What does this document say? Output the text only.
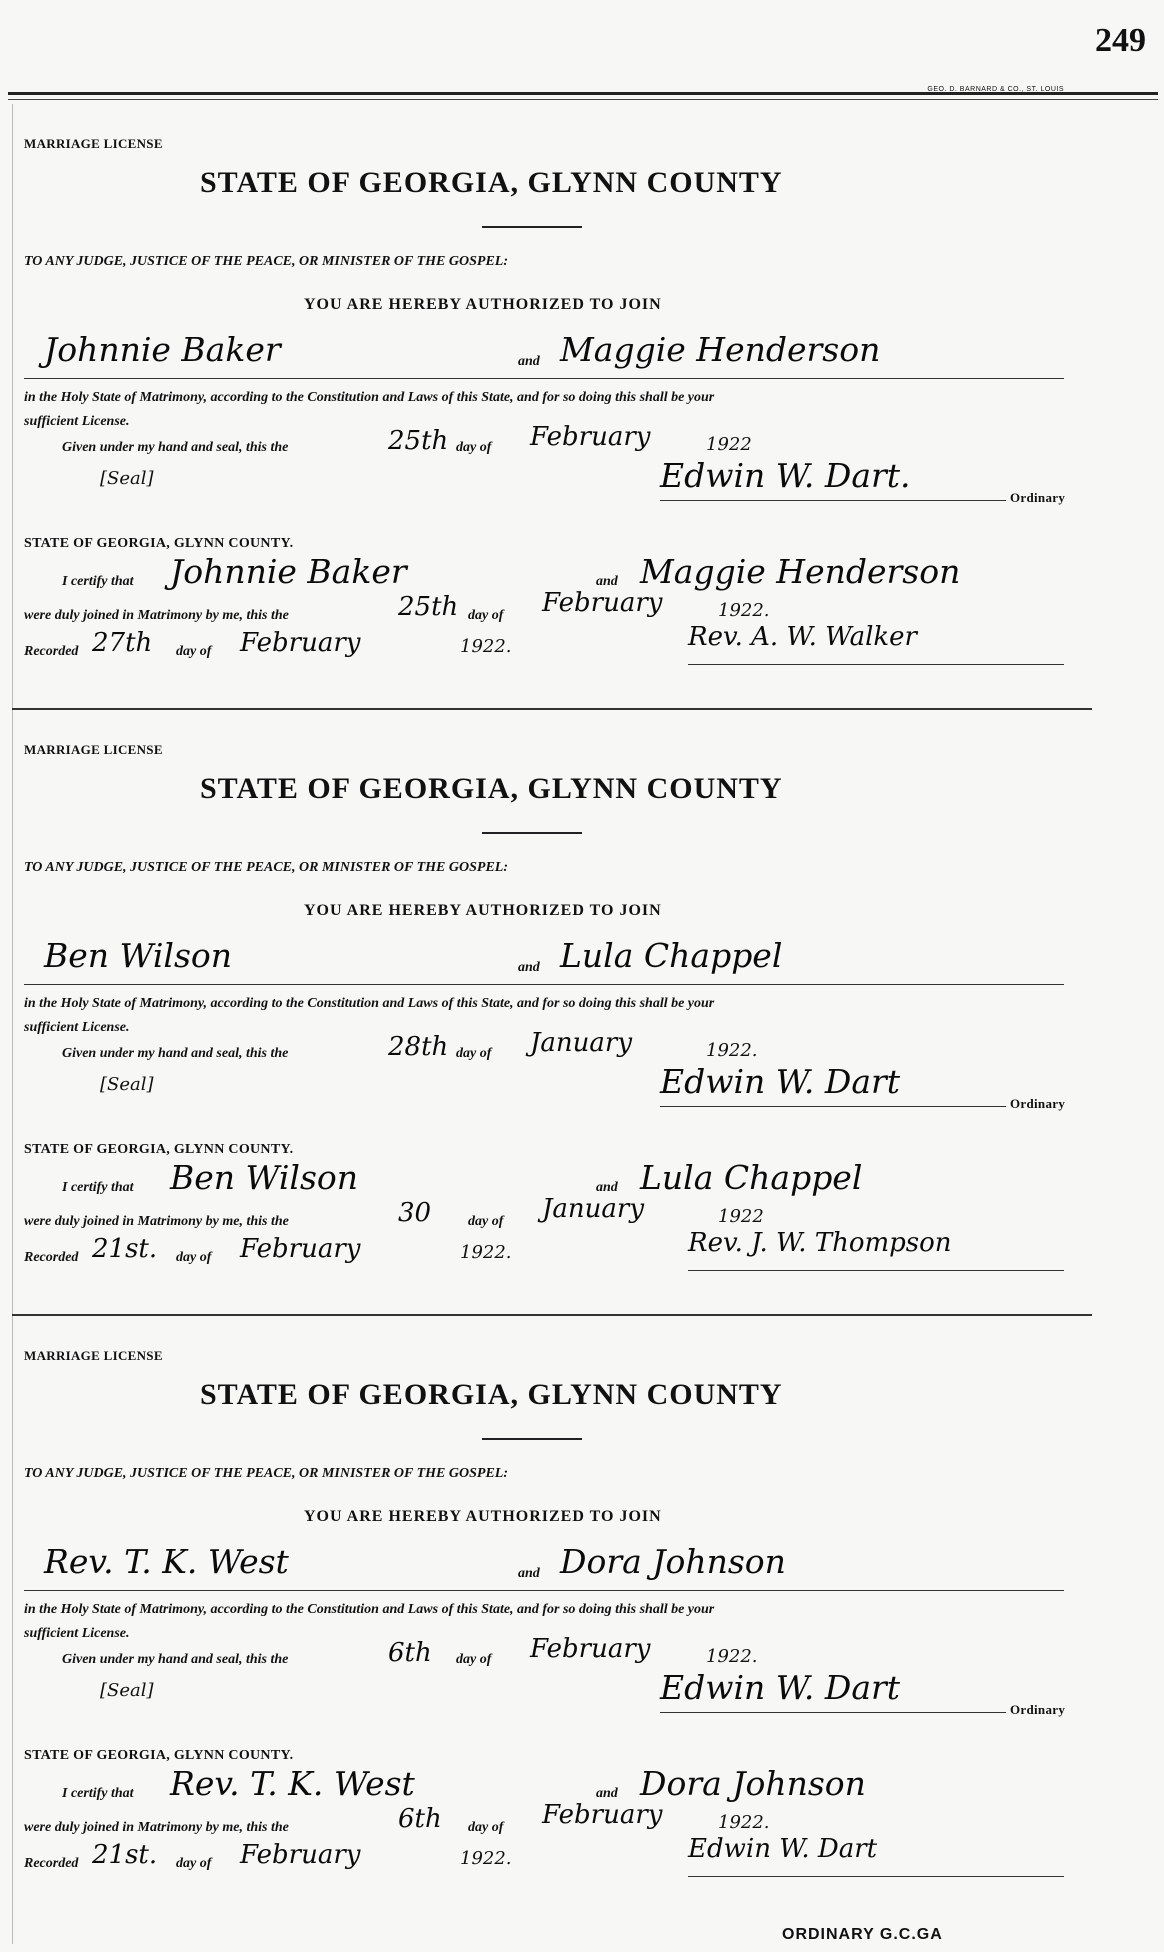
249
GEO. D. BARNARD & CO., ST. LOUIS
MARRIAGE LICENSE
STATE OF GEORGIA, GLYNN COUNTY
TO ANY JUDGE, JUSTICE OF THE PEACE, OR MINISTER OF THE GOSPEL:
YOU ARE HEREBY AUTHORIZED TO JOIN
Johnnie Baker	and Maggie Henderson
in the Holy State of Matrimony, according to the Constitution and Laws of this State, and for so doing this shall be your
sufficient License.
Given under my hand and seal, this the	25th day of February	1922
[Seal]	Edwin W. Dart.
Ordinary
STATE OF GEORGIA, GLYNN COUNTY.
I certify that Johnnie Baker	and Maggie Henderson
were duly joined in Matrimony by me, this the	25th day of February	1922.
Recorded 27th day of February	1922.	Rev. A. W. Walker
MARRIAGE LICENSE
STATE OF GEORGIA, GLYNN COUNTY
TO ANY JUDGE, JUSTICE OF THE PEACE, OR MINISTER OF THE GOSPEL:
YOU ARE HEREBY AUTHORIZED TO JOIN
Ben Wilson	and Lula Chappel
in the Holy State of Matrimony, according to the Constitution and Laws of this State, and for so doing this shall be your
sufficient License.
Given under my hand and seal, this the	28th day of January	1922.
[Seal]	Edwin W. Dart
Ordinary
STATE OF GEORGIA, GLYNN COUNTY.
I certify that Ben Wilson	and Lula Chappel
were duly joined in Matrimony by me, this the	30	day of January	1922
Recorded 21st. day of February	1922.	Rev. J. W. Thompson
MARRIAGE LICENSE
STATE OF GEORGIA, GLYNN COUNTY
TO ANY JUDGE, JUSTICE OF THE PEACE, OR MINISTER OF THE GOSPEL:
YOU ARE HEREBY AUTHORIZED TO JOIN
Rev. T. K. West	and Dora Johnson
in the Holy State of Matrimony, according to the Constitution and Laws of this State, and for so doing this shall be your
sufficient License.
Given under my hand and seal, this the	6th day of February	1922.
[Seal]	Edwin W. Dart
Ordinary
STATE OF GEORGIA, GLYNN COUNTY.
I certify that Rev. T. K. West	and Dora Johnson
were duly joined in Matrimony by me, this the	6th day of February	1922.
Recorded 21st. day of February	1922.	Edwin W. Dart
ORDINARY G.C.GA
